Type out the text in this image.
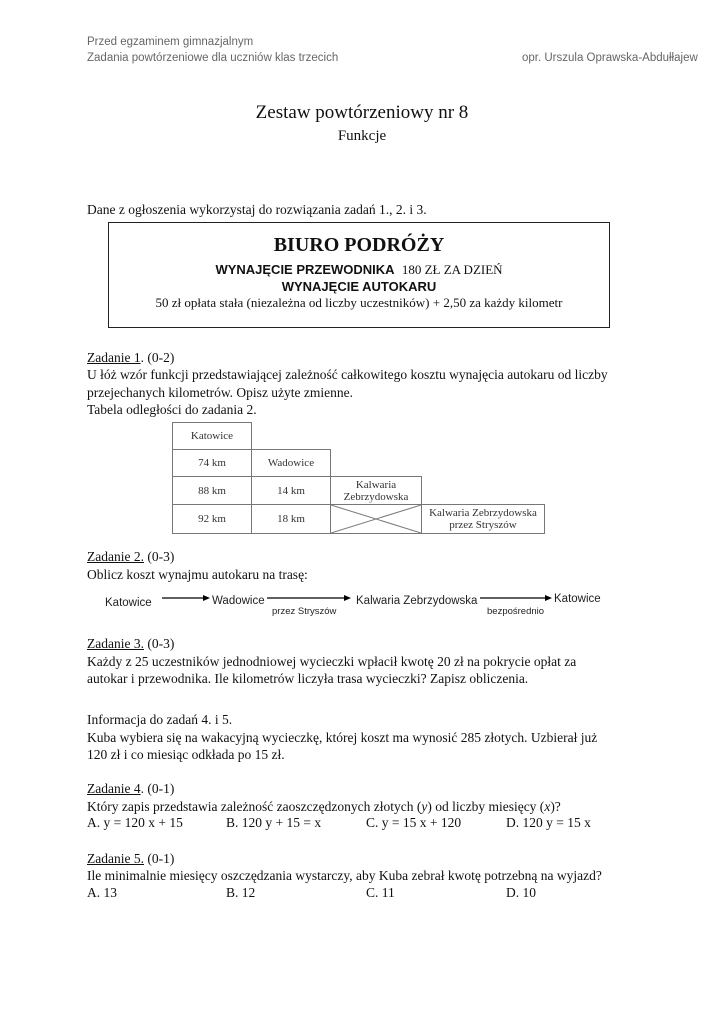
Przed egzaminem gimnazjalnym
Zadania powtórzeniowe dla uczniów klas trzecich	opr. Urszula Oprawska-Abdułłajew
Zestaw powtórzeniowy nr 8
Funkcje
Dane z ogłoszenia wykorzystaj do rozwiązania zadań 1., 2. i 3.
BIURO PODRÓŻY
WYNAJĘCIE PRZEWODNIKA 180 ZŁ ZA DZIEŃ
WYNAJĘCIE AUTOKARU
50 zł opłata stała (niezależna od liczby uczestników) + 2,50 za każdy kilometr
Zadanie 1. (0-2)
U łóż wzór funkcji przedstawiającej zależność całkowitego kosztu wynajęcia autokaru od liczby
przejechanych kilometrów. Opisz użyte zmienne.
Tabela odległości do zadania 2.
Katowice			
74 km	Wadowice		
88 km	14 km	Kalwaria Zebrzydowska	
92 km	18 km		Kalwaria Zebrzydowska przez Stryszów
Zadanie 2. (0-3)
Oblicz koszt wynajmu autokaru na trasę:
Katowice	Wadowice
przez Stryszów
Kalwaria Zebrzydowska
bezpośrednio
Katowice
Zadanie 3. (0-3)
Każdy z 25 uczestników jednodniowej wycieczki wpłacił kwotę 20 zł na pokrycie opłat za
autokar i przewodnika. Ile kilometrów liczyła trasa wycieczki? Zapisz obliczenia.
Informacja do zadań 4. i 5.
Kuba wybiera się na wakacyjną wycieczkę, której koszt ma wynosić 285 złotych. Uzbierał już
120 zł i co miesiąc odkłada po 15 zł.
Zadanie 4. (0-1)
Który zapis przedstawia zależność zaoszczędzonych złotych (y) od liczby miesięcy (x)?
A. y = 120 x + 15	B. 120 y + 15 = x	C. y = 15 x + 120	D. 120 y = 15 x
Zadanie 5. (0-1)
Ile minimalnie miesięcy oszczędzania wystarczy, aby Kuba zebrał kwotę potrzebną na wyjazd?
A. 13	B. 12	C. 11	D. 10
